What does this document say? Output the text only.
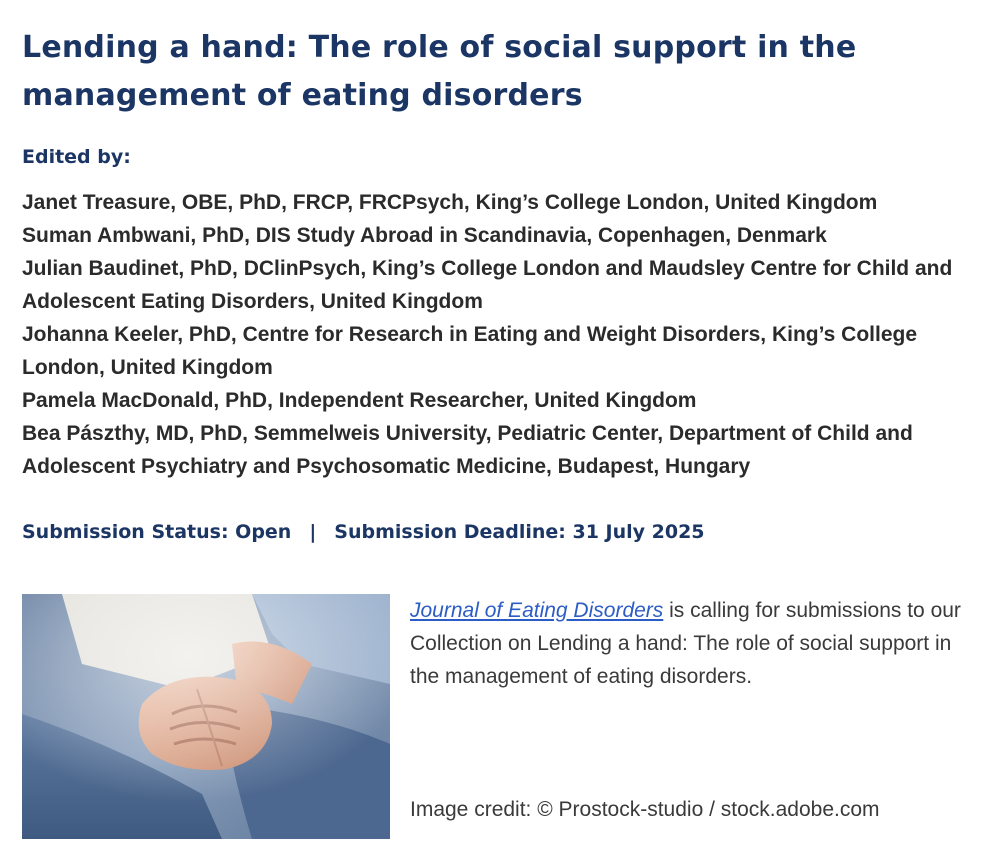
Lending a hand: The role of social support in the management of eating disorders

Edited by:

Janet Treasure, OBE, PhD, FRCP, FRCPsych, King’s College London, United Kingdom
Suman Ambwani, PhD, DIS Study Abroad in Scandinavia, Copenhagen, Denmark
Julian Baudinet, PhD, DClinPsych, King’s College London and Maudsley Centre for Child and Adolescent Eating Disorders, United Kingdom
Johanna Keeler, PhD, Centre for Research in Eating and Weight Disorders, King’s College London, United Kingdom
Pamela MacDonald, PhD, Independent Researcher, United Kingdom
Bea Pászthy, MD, PhD, Semmelweis University, Pediatric Center, Department of Child and Adolescent Psychiatry and Psychosomatic Medicine, Budapest, Hungary

Submission Status: Open | Submission Deadline: 31 July 2025

Journal of Eating Disorders is calling for submissions to our Collection on Lending a hand: The role of social support in the management of eating disorders.

Image credit: © Prostock-studio / stock.adobe.com
